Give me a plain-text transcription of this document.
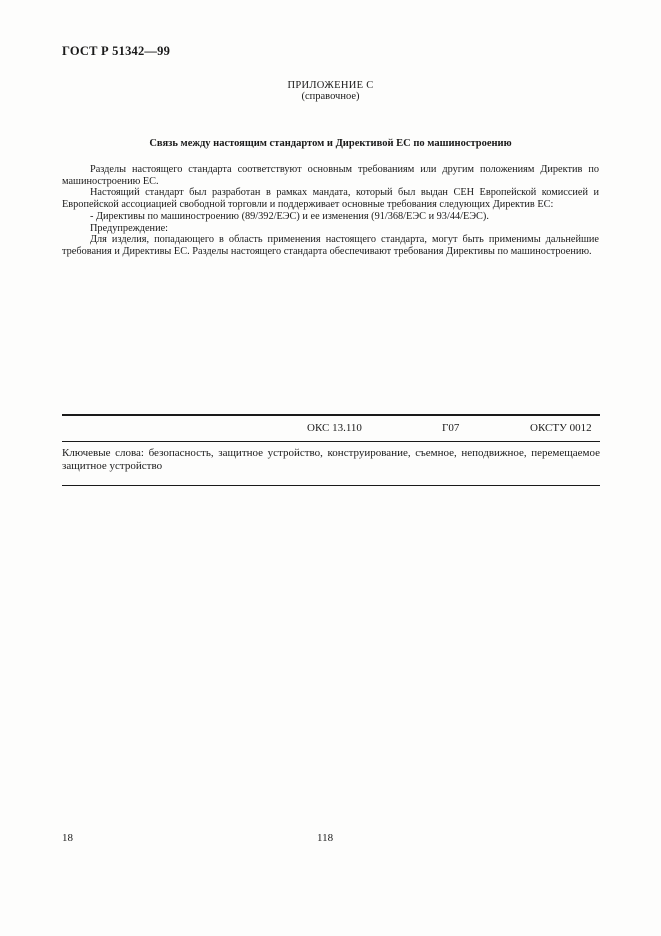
ГОСТ Р 51342—99
ПРИЛОЖЕНИЕ С
(справочное)
Связь между настоящим стандартом и Директивой ЕС по машиностроению

Разделы настоящего стандарта соответствуют основным требованиям или другим положениям Директив по машиностроению ЕС.

Настоящий стандарт был разработан в рамках мандата, который был выдан СЕН Европейской комиссией и Европейской ассоциацией свободной торговли и поддерживает основные требования следующих Директив ЕС:

- Директивы по машиностроению (89/392/ЕЭС) и ее изменения (91/368/ЕЭС и 93/44/ЕЭС).

Предупреждение:

Для изделия, попадающего в область применения настоящего стандарта, могут быть применимы дальнейшие требования и Директивы ЕС. Разделы настоящего стандарта обеспечивают требования Директивы по машиностроению.

ОКС 13.110	Г07	ОКСТУ 0012
Ключевые слова: безопасность, защитное устройство, конструирование, съемное, неподвижное, перемещаемое защитное устройство
18	118
